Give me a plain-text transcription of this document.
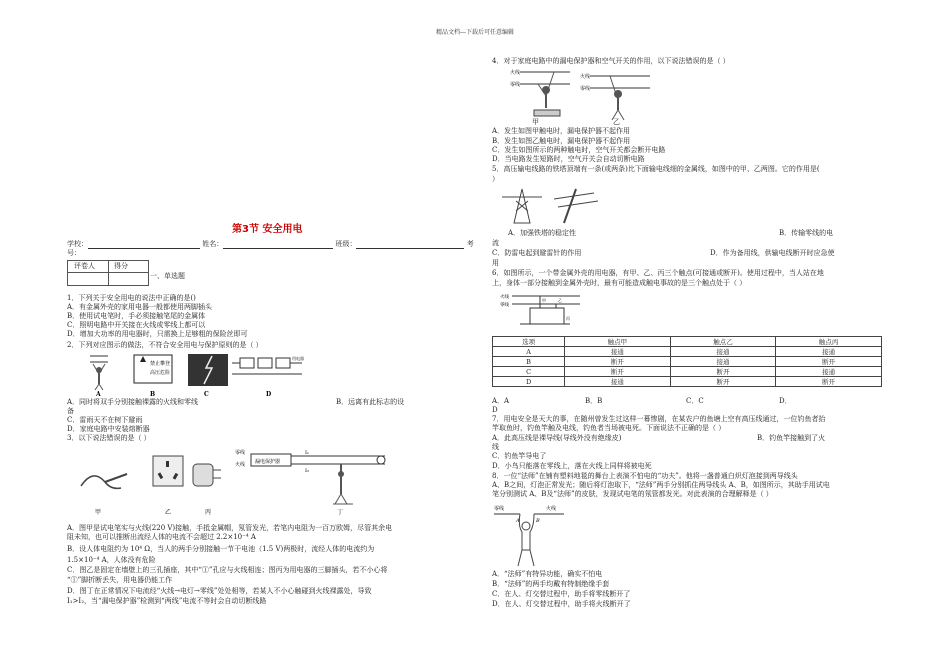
精品文档---下载后可任意编辑
第3节 安全用电
学校：	姓名：	班级：	考
号：
评卷人	得分
一、单选题
1．下列关于安全用电的说法中正确的是()
A．有金属外壳的家用电器一般都使用两脚插头
B．使用试电笔时，手必须接触笔尾的金属体
C．照明电路中开关接在火线或零线上都可以
D．增加大功率的用电器时，只需换上足够粗的保险丝即可
2．下列对应图示的做法，不符合安全用电与保护原则的是（ ）
禁止攀登
高压危险
用电器
A	B	C	D
A．同时将双手分别接触裸露的火线和零线	B．远离有此标志的设
备
C．雷雨天不在树下避雨
D．家庭电路中安装熔断器
3．以下说法错误的是（ ）
零线
火线 漏电保护器
I₁
I₂
甲	乙	丙	丁
A．图甲是试电笔实与火线(220 V)接触，手抵金属帽，氖管发光，若笔内电阻为一百万欧姆，尽管其余电
阻未知，也可以推断出流经人体的电流不会超过 2.2×10⁻⁴ A
B．设人体电阻约为 10⁴ Ω，当人的两手分别接触一节干电池（1.5 V)两极时，流经人体的电流约为
1.5×10⁻⁴ A，人体没有危险
C．图乙是固定在墙壁上的三孔插座，其中“①”孔应与火线相连；图丙为用电器的三脚插头，若不小心将
“①”脚折断丢失，用电器仍能工作
D．图丁在正常情况下电流经“火线→电灯→零线”处处相等，若某人不小心触碰到火线裸露处，导致
I₁>I₂，当“漏电保护器”检测到“两线”电流不等时会自动切断线路
4．对于家庭电路中的漏电保护器和空气开关的作用，以下说法错误的是（ ）
火线
零线
火线
零线
甲	乙
A．发生如图甲触电时，漏电保护器不起作用
B．发生如图乙触电时，漏电保护器不起作用
C．发生如图所示的两种触电时，空气开关都会断开电路
D．当电路发生短路时，空气开关会自动切断电路
5．高压输电线路的铁塔顶端有一条(或两条)比下面输电线细的金属线，如图中的甲、乙两图。它的作用是(
）
A．加强铁塔的稳定性	B．传输零线的电
流
C．防雷电起到避雷针的作用	D．作为备用线，供输电线断开时应急使
用
6．如图所示，一个带金属外壳的用电器，有甲、乙、丙三个触点(可接通或断开)。使用过程中，当人站在地
上，身体一部分接触到金属外壳时，最有可能造成触电事故的是三个触点处于（ ）
火线
零线
甲	乙
丙
选项	触点甲	触点乙	触点丙
A	接通	接通	接通
B	断开	接通	断开
C	断开	断开	接通
D	接通	断开	断开
A．A	B．B	C．C	D．
D
7．用电安全是天大的事，在随州曾发生过这样一幕惨剧，在某农户的鱼塘上空有高压线通过，一位钓鱼者抬
竿取鱼时，钓鱼竿触及电线，钓鱼者当场被电死。下面说法不正确的是（ ）
A．此高压线是裸导线(导线外没有绝缘皮)	B．钓鱼竿接触到了火
线
C．钓鱼竿导电了
D．小鸟只能落在零线上，落在火线上同样将被电死
8．一位“法师”在铺有塑料地毯的舞台上表演不怕电的“功夫”。他将一盏普通白炽灯泡接到两导线头
A、B之间，灯泡正常发光；随后将灯泡取下，“法师”两手分别抓住两导线头 A、B，如图所示，其助手用试电
笔分别测试 A、B及“法师”的皮肤，发现试电笔的氖管都发光。对此表演的合理解释是（ ）
零线	火线
A	B
A．“法师”有特异功能，确实不怕电
B．“法师”的两手均戴有特制绝缘手套
C．在人、灯交替过程中，助手将零线断开了
D．在人、灯交替过程中，助手将火线断开了
